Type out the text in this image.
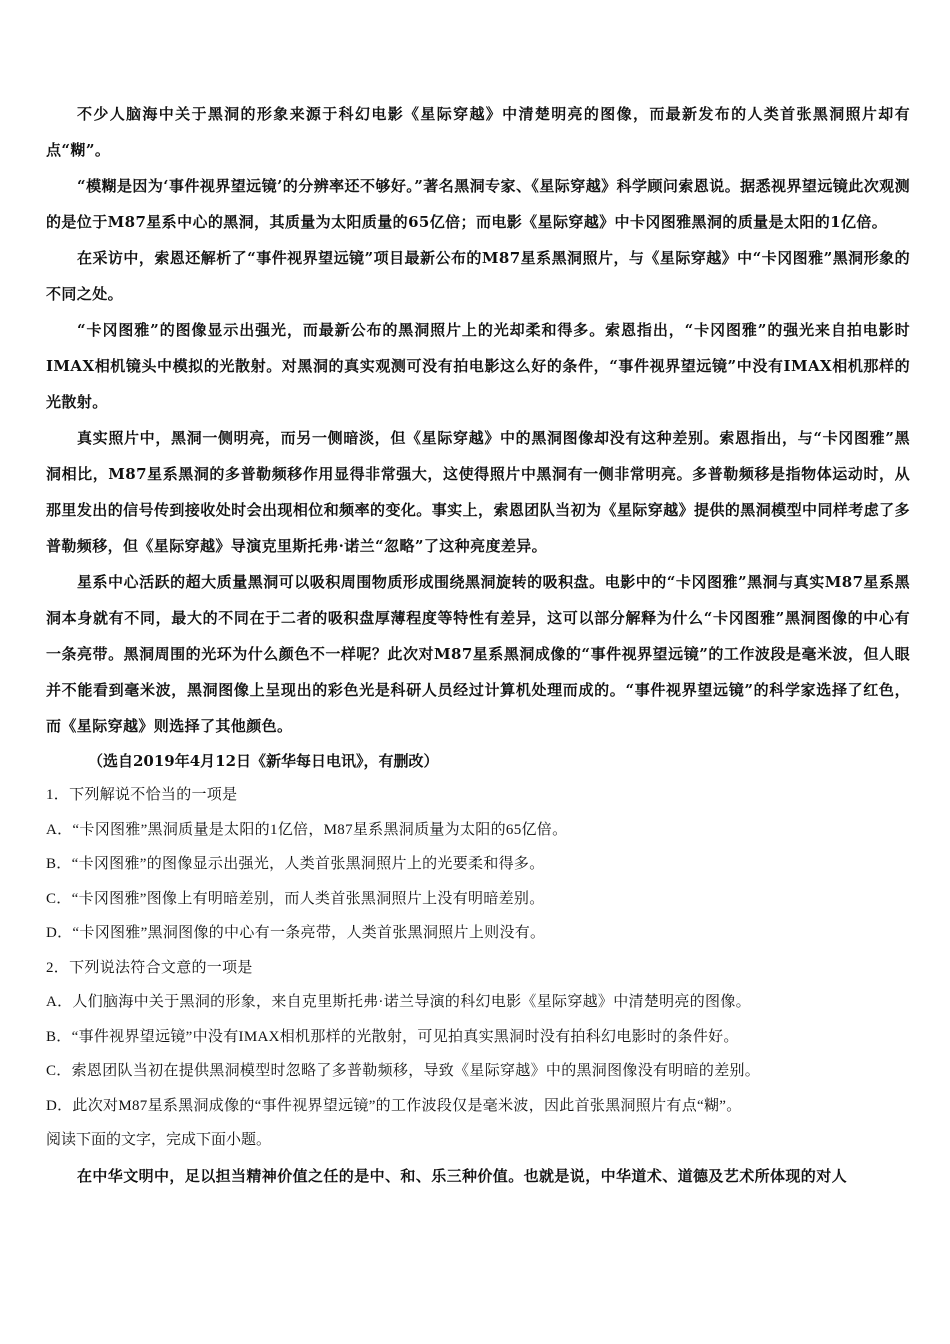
不少人脑海中关于黑洞的形象来源于科幻电影《星际穿越》中清楚明亮的图像，而最新发布的人类首张黑洞照片却有点“糊”。

“模糊是因为‘事件视界望远镜’的分辨率还不够好。”著名黑洞专家、《星际穿越》科学顾问索恩说。据悉视界望远镜此次观测的是位于M87星系中心的黑洞，其质量为太阳质量的65亿倍；而电影《星际穿越》中卡冈图雅黑洞的质量是太阳的1亿倍。

在采访中，索恩还解析了“事件视界望远镜”项目最新公布的M87星系黑洞照片，与《星际穿越》中“卡冈图雅”黑洞形象的不同之处。

“卡冈图雅”的图像显示出强光，而最新公布的黑洞照片上的光却柔和得多。索恩指出，“卡冈图雅”的强光来自拍电影时IMAX相机镜头中模拟的光散射。对黑洞的真实观测可没有拍电影这么好的条件，“事件视界望远镜”中没有IMAX相机那样的光散射。

真实照片中，黑洞一侧明亮，而另一侧暗淡，但《星际穿越》中的黑洞图像却没有这种差别。索恩指出，与“卡冈图雅”黑洞相比，M87星系黑洞的多普勒频移作用显得非常强大，这使得照片中黑洞有一侧非常明亮。多普勒频移是指物体运动时，从那里发出的信号传到接收处时会出现相位和频率的变化。事实上，索恩团队当初为《星际穿越》提供的黑洞模型中同样考虑了多普勒频移，但《星际穿越》导演克里斯托弗·诺兰“忽略”了这种亮度差异。

星系中心活跃的超大质量黑洞可以吸积周围物质形成围绕黑洞旋转的吸积盘。电影中的“卡冈图雅”黑洞与真实M87星系黑洞本身就有不同，最大的不同在于二者的吸积盘厚薄程度等特性有差异，这可以部分解释为什么“卡冈图雅”黑洞图像的中心有一条亮带。黑洞周围的光环为什么颜色不一样呢？此次对M87星系黑洞成像的“事件视界望远镜”的工作波段是毫米波，但人眼并不能看到毫米波，黑洞图像上呈现出的彩色光是科研人员经过计算机处理而成的。“事件视界望远镜”的科学家选择了红色，而《星际穿越》则选择了其他颜色。

（选自2019年4月12日《新华每日电讯》，有删改）

1．下列解说不恰当的一项是

A．“卡冈图雅”黑洞质量是太阳的1亿倍，M87星系黑洞质量为太阳的65亿倍。

B．“卡冈图雅”的图像显示出强光，人类首张黑洞照片上的光要柔和得多。

C．“卡冈图雅”图像上有明暗差别，而人类首张黑洞照片上没有明暗差别。

D．“卡冈图雅”黑洞图像的中心有一条亮带，人类首张黑洞照片上则没有。

2．下列说法符合文意的一项是

A．人们脑海中关于黑洞的形象，来自克里斯托弗·诺兰导演的科幻电影《星际穿越》中清楚明亮的图像。

B．“事件视界望远镜”中没有IMAX相机那样的光散射，可见拍真实黑洞时没有拍科幻电影时的条件好。

C．索恩团队当初在提供黑洞模型时忽略了多普勒频移，导致《星际穿越》中的黑洞图像没有明暗的差别。

D．此次对M87星系黑洞成像的“事件视界望远镜”的工作波段仅是毫米波，因此首张黑洞照片有点“糊”。

阅读下面的文字，完成下面小题。

在中华文明中，足以担当精神价值之任的是中、和、乐三种价值。也就是说，中华道术、道德及艺术所体现的对人
